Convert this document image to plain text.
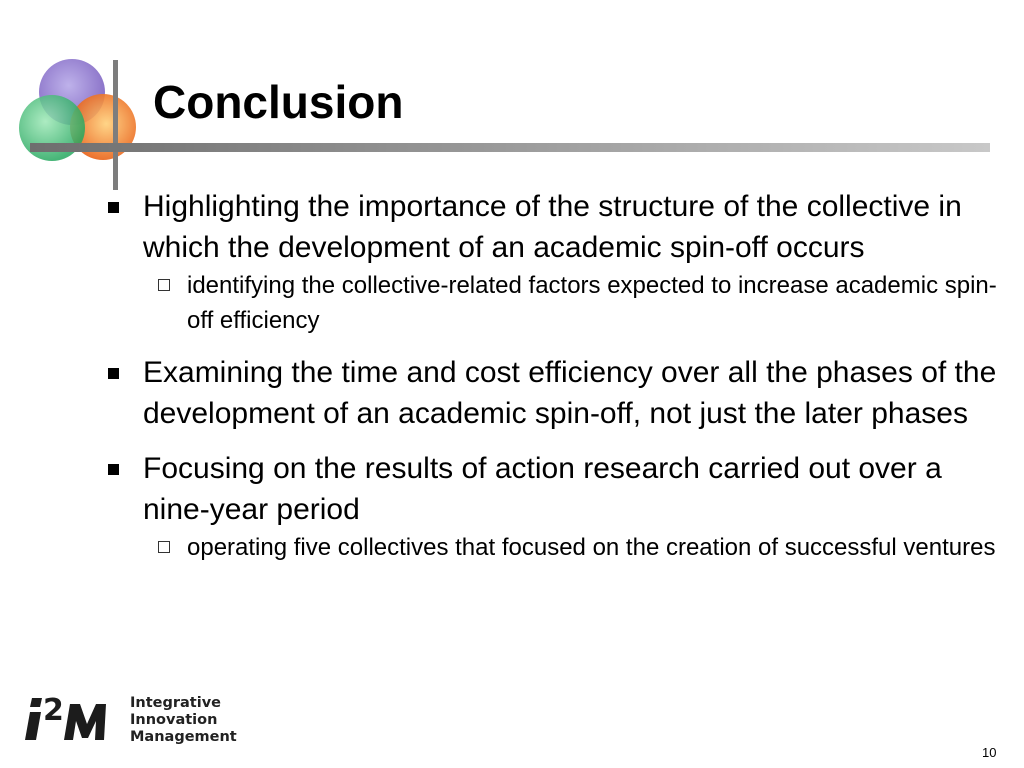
Conclusion
Highlighting the importance of the structure of the collective in which the development of an academic spin-off occurs
identifying the collective-related factors expected to increase academic spin-off efficiency
Examining the time and cost efficiency over all the phases of the development of an academic spin-off, not just the later phases
Focusing on the results of action research carried out over a nine-year period
operating five collectives that focused on the creation of successful ventures
2	Integrative
Innovation
Management
10
